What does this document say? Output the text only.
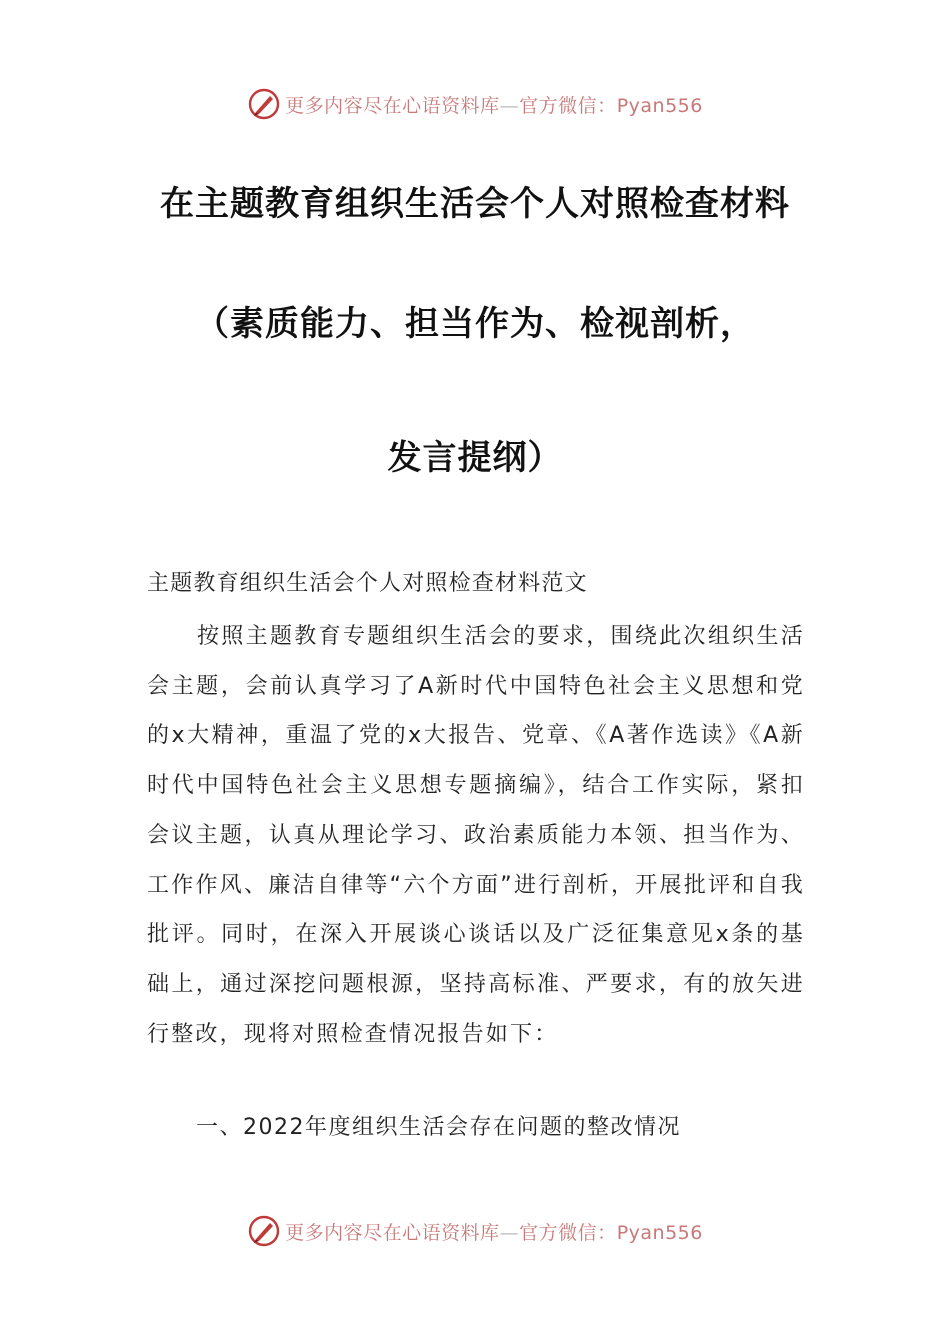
更多内容尽在心语资料库—官方微信：Pyan556
在主题教育组织生活会个人对照检查材料
（素质能力、担当作为、检视剖析，
发言提纲）
主题教育组织生活会个人对照检查材料范文

按照主题教育专题组织生活会的要求，围绕此次组织生活会主题，会前认真学习了A新时代中国特色社会主义思想和党的x大精神，重温了党的x大报告、党章、《A著作选读》《A新时代中国特色社会主义思想专题摘编》，结合工作实际，紧扣会议主题，认真从理论学习、政治素质能力本领、担当作为、工作作风、廉洁自律等“六个方面”进行剖析，开展批评和自我批评。同时，在深入开展谈心谈话以及广泛征集意见x条的基础上，通过深挖问题根源，坚持高标准、严要求，有的放矢进行整改，现将对照检查情况报告如下：

一、2022年度组织生活会存在问题的整改情况
更多内容尽在心语资料库—官方微信：Pyan556
